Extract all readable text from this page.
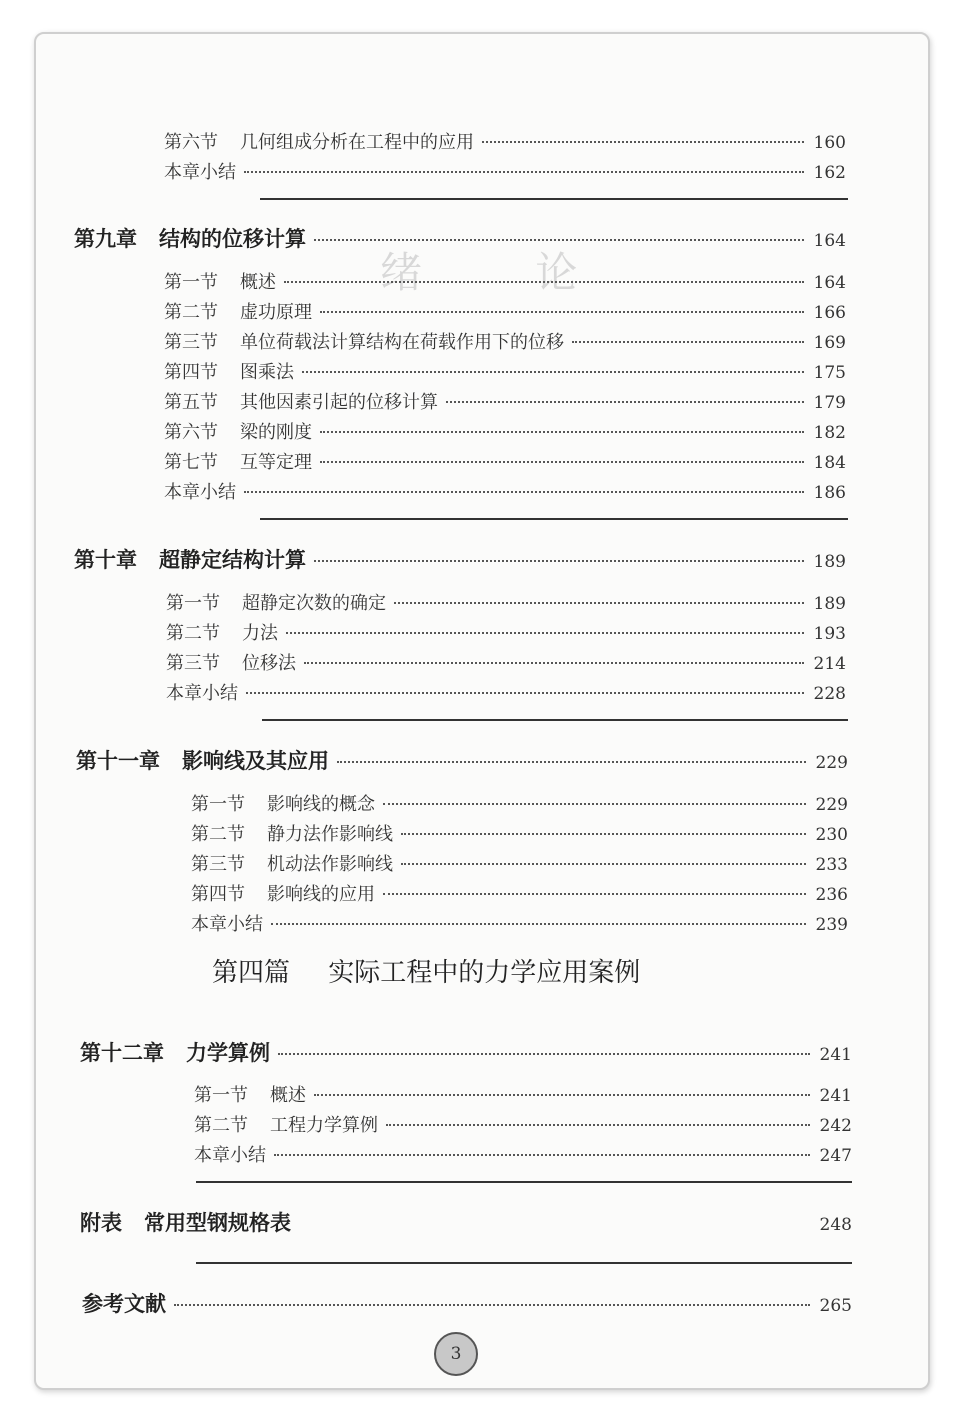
绪 论
第六节 几何组成分析在工程中的应用	160
本章小结	162
第九章 结构的位移计算	164
第一节 概述	164
第二节 虚功原理	166
第三节 单位荷载法计算结构在荷载作用下的位移	169
第四节 图乘法	175
第五节 其他因素引起的位移计算	179
第六节 梁的刚度	182
第七节 互等定理	184
本章小结	186
第十章 超静定结构计算	189
第一节 超静定次数的确定	189
第二节 力法	193
第三节 位移法	214
本章小结	228
第十一章 影响线及其应用	229
第一节 影响线的概念	229
第二节 静力法作影响线	230
第三节 机动法作影响线	233
第四节 影响线的应用	236
本章小结	239
第四篇 实际工程中的力学应用案例
第十二章 力学算例	241
第一节 概述	241
第二节 工程力学算例	242
本章小结	247
附表 常用型钢规格表	248
参考文献	265
3
